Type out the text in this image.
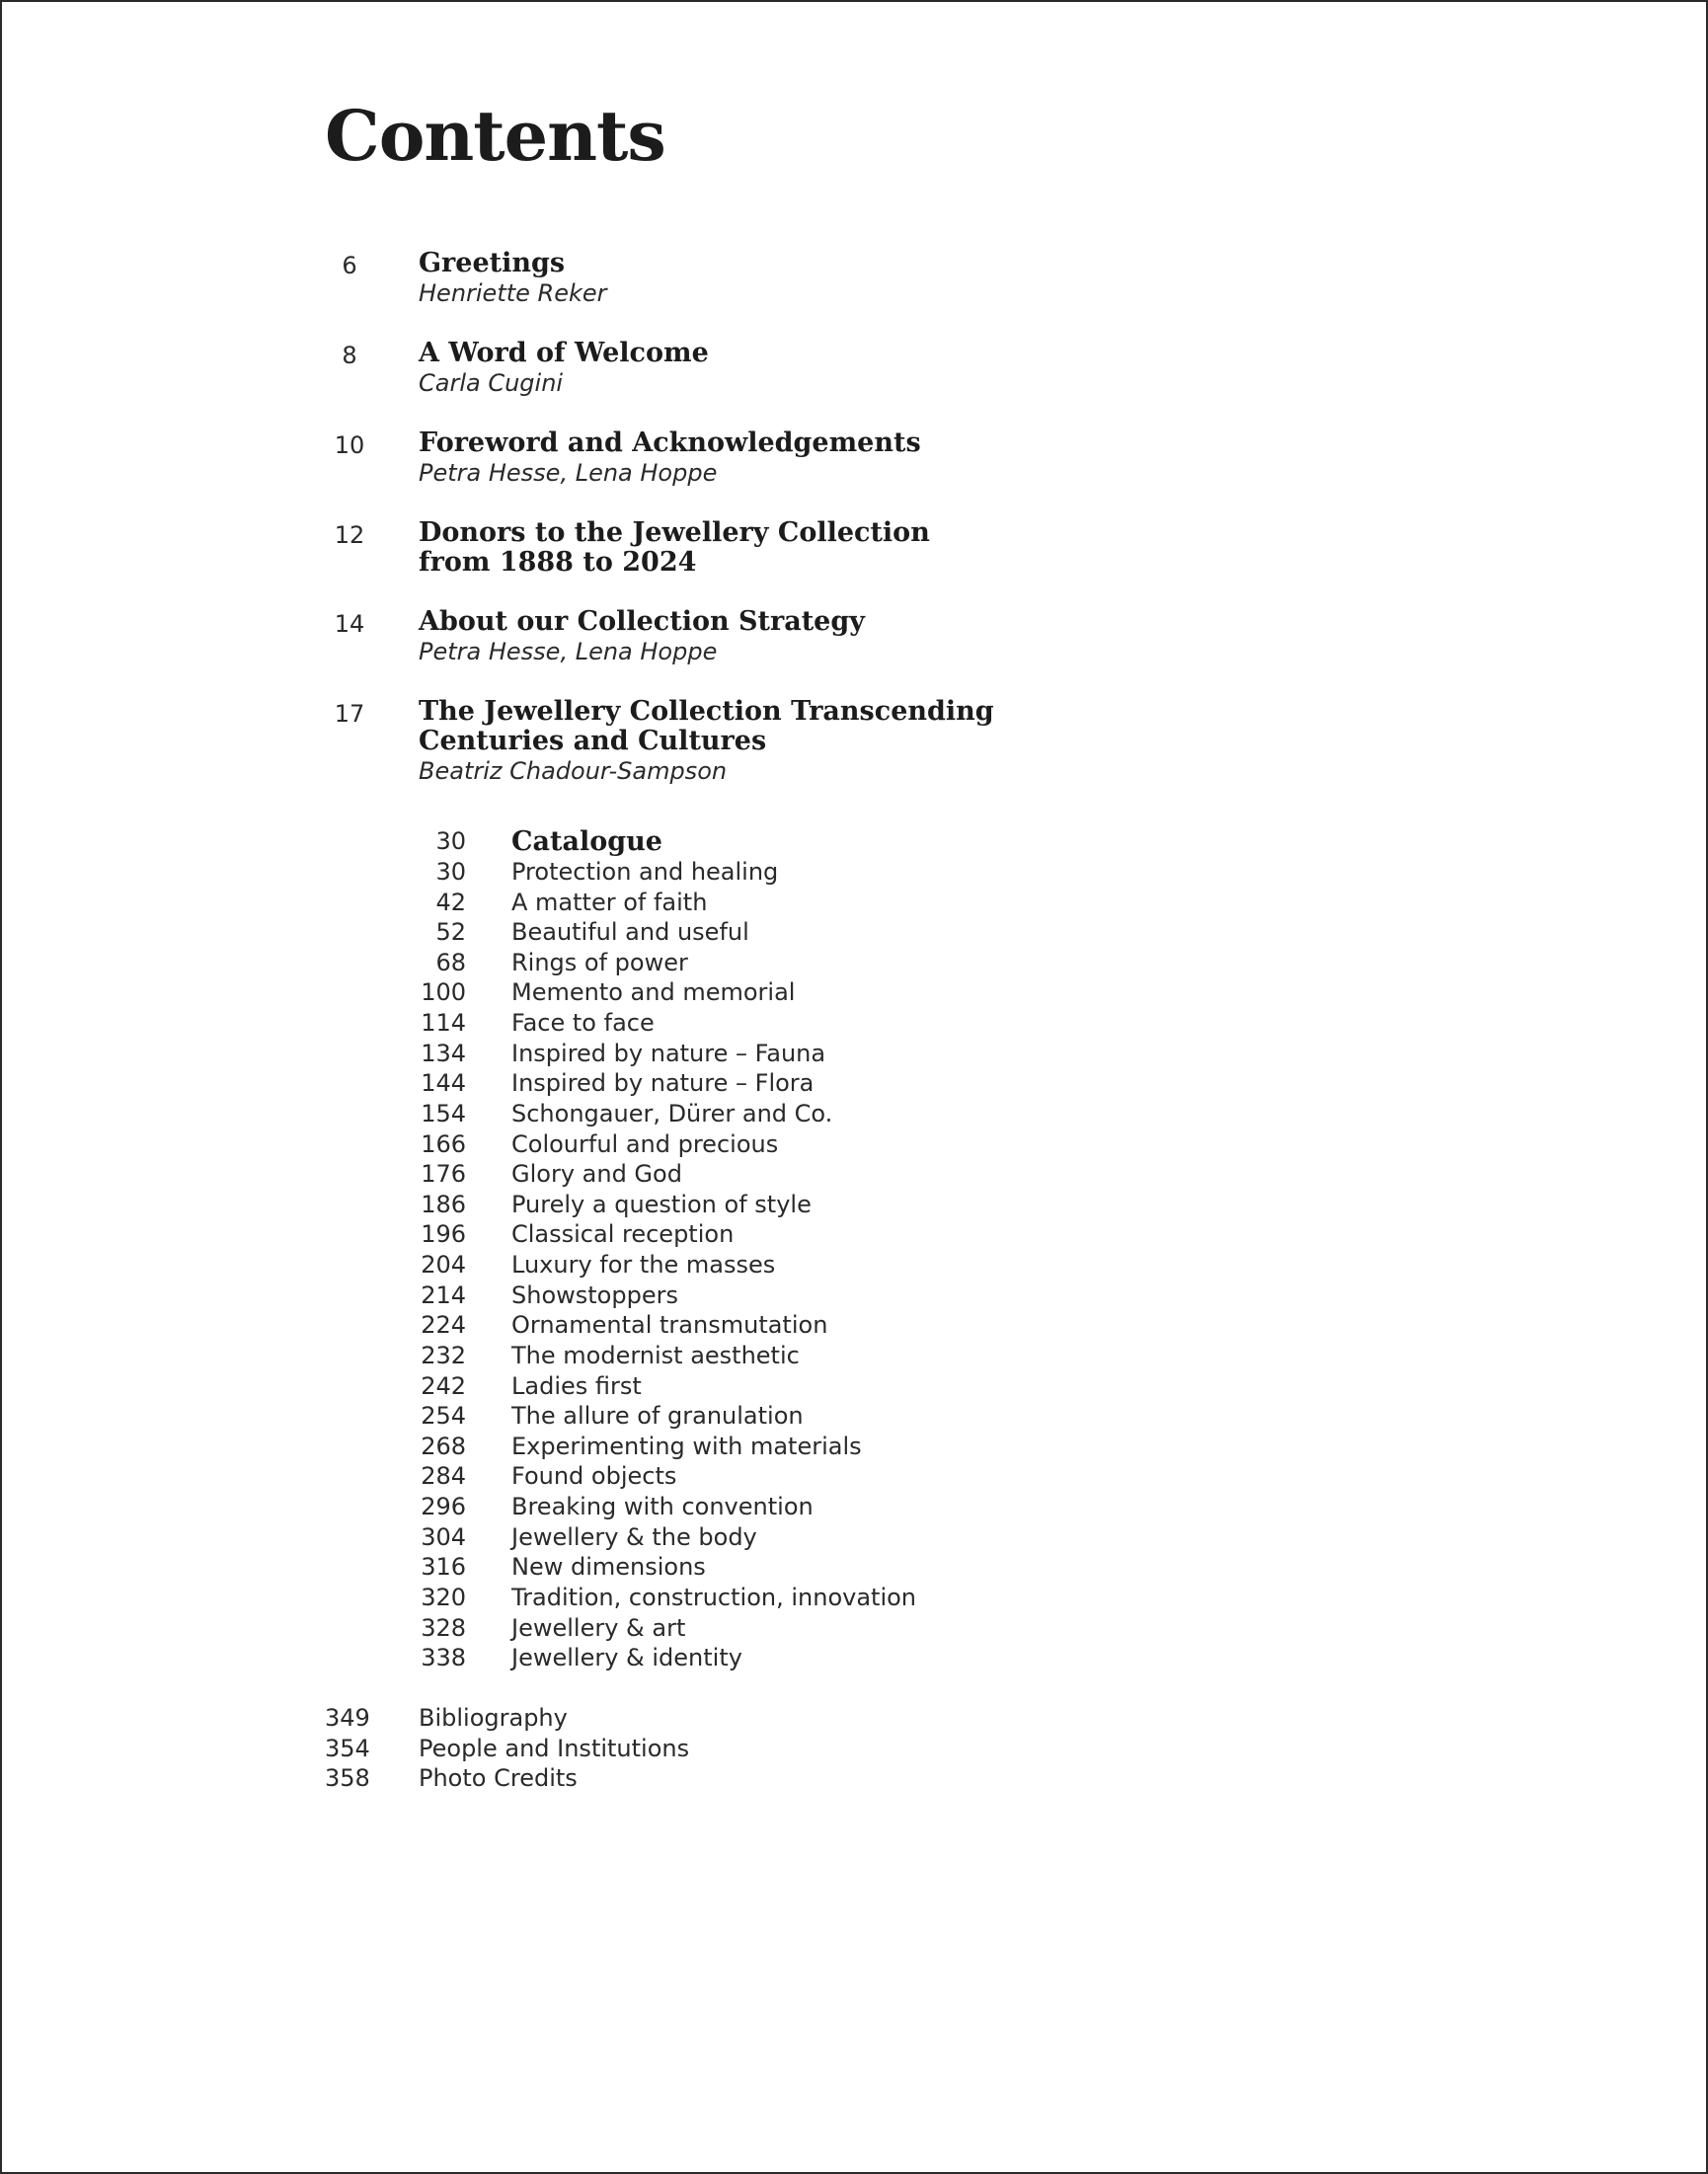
Contents
6	Greetings
Henriette Reker
8	A Word of Welcome
Carla Cugini
10	Foreword and Acknowledgements
Petra Hesse, Lena Hoppe
12	Donors to the Jewellery Collection
from 1888 to 2024
14	About our Collection Strategy
Petra Hesse, Lena Hoppe
17	The Jewellery Collection Transcending
Centuries and Cultures
Beatriz Chadour-Sampson
30 Catalogue
30 Protection and healing
42 A matter of faith
52 Beautiful and useful
68 Rings of power
100 Memento and memorial
114 Face to face
134 Inspired by nature – Fauna
144 Inspired by nature – Flora
154 Schongauer, Dürer and Co.
166 Colourful and precious
176 Glory and God
186 Purely a question of style
196 Classical reception
204 Luxury for the masses
214 Showstoppers
224 Ornamental transmutation
232 The modernist aesthetic
242 Ladies first
254 The allure of granulation
268 Experimenting with materials
284 Found objects
296 Breaking with convention
304 Jewellery & the body
316 New dimensions
320 Tradition, construction, innovation
328 Jewellery & art
338 Jewellery & identity
349 Bibliography
354 People and Institutions
358 Photo Credits
